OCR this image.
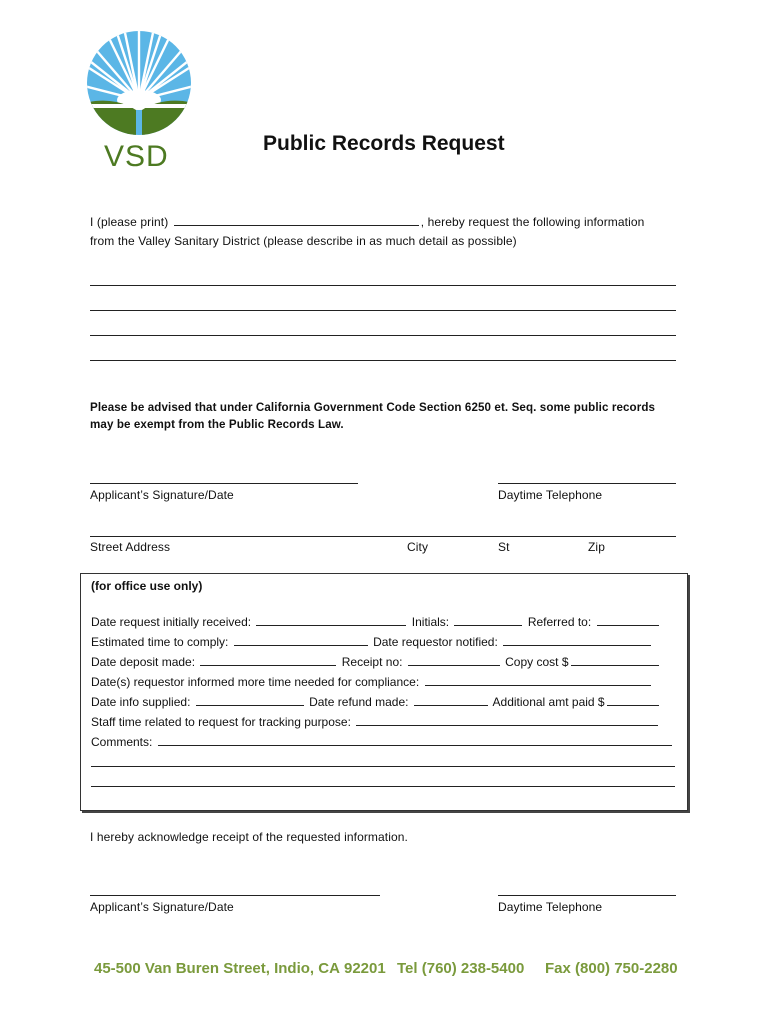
VSD	Public Records Request
I (please print)	, hereby request the following information
from the Valley Sanitary District (please describe in as much detail as possible)
Please be advised that under California Government Code Section 6250 et. Seq. some public records
may be exempt from the Public Records Law.
Applicant’s Signature/Date	Daytime Telephone
Street Address	City	St	Zip
(for office use only)
Date request initially received:	Initials:	Referred to:
Estimated time to comply:	Date requestor notified:
Date deposit made:	Receipt no:	Copy cost $
Date(s) requestor informed more time needed for compliance:
Date info supplied:	Date refund made:	Additional amt paid $
Staff time related to request for tracking purpose:
Comments:
I hereby acknowledge receipt of the requested information.
Applicant’s Signature/Date	Daytime Telephone
45-500 Van Buren Street, Indio, CA 92201 Tel (760) 238-5400 Fax (800) 750-2280
